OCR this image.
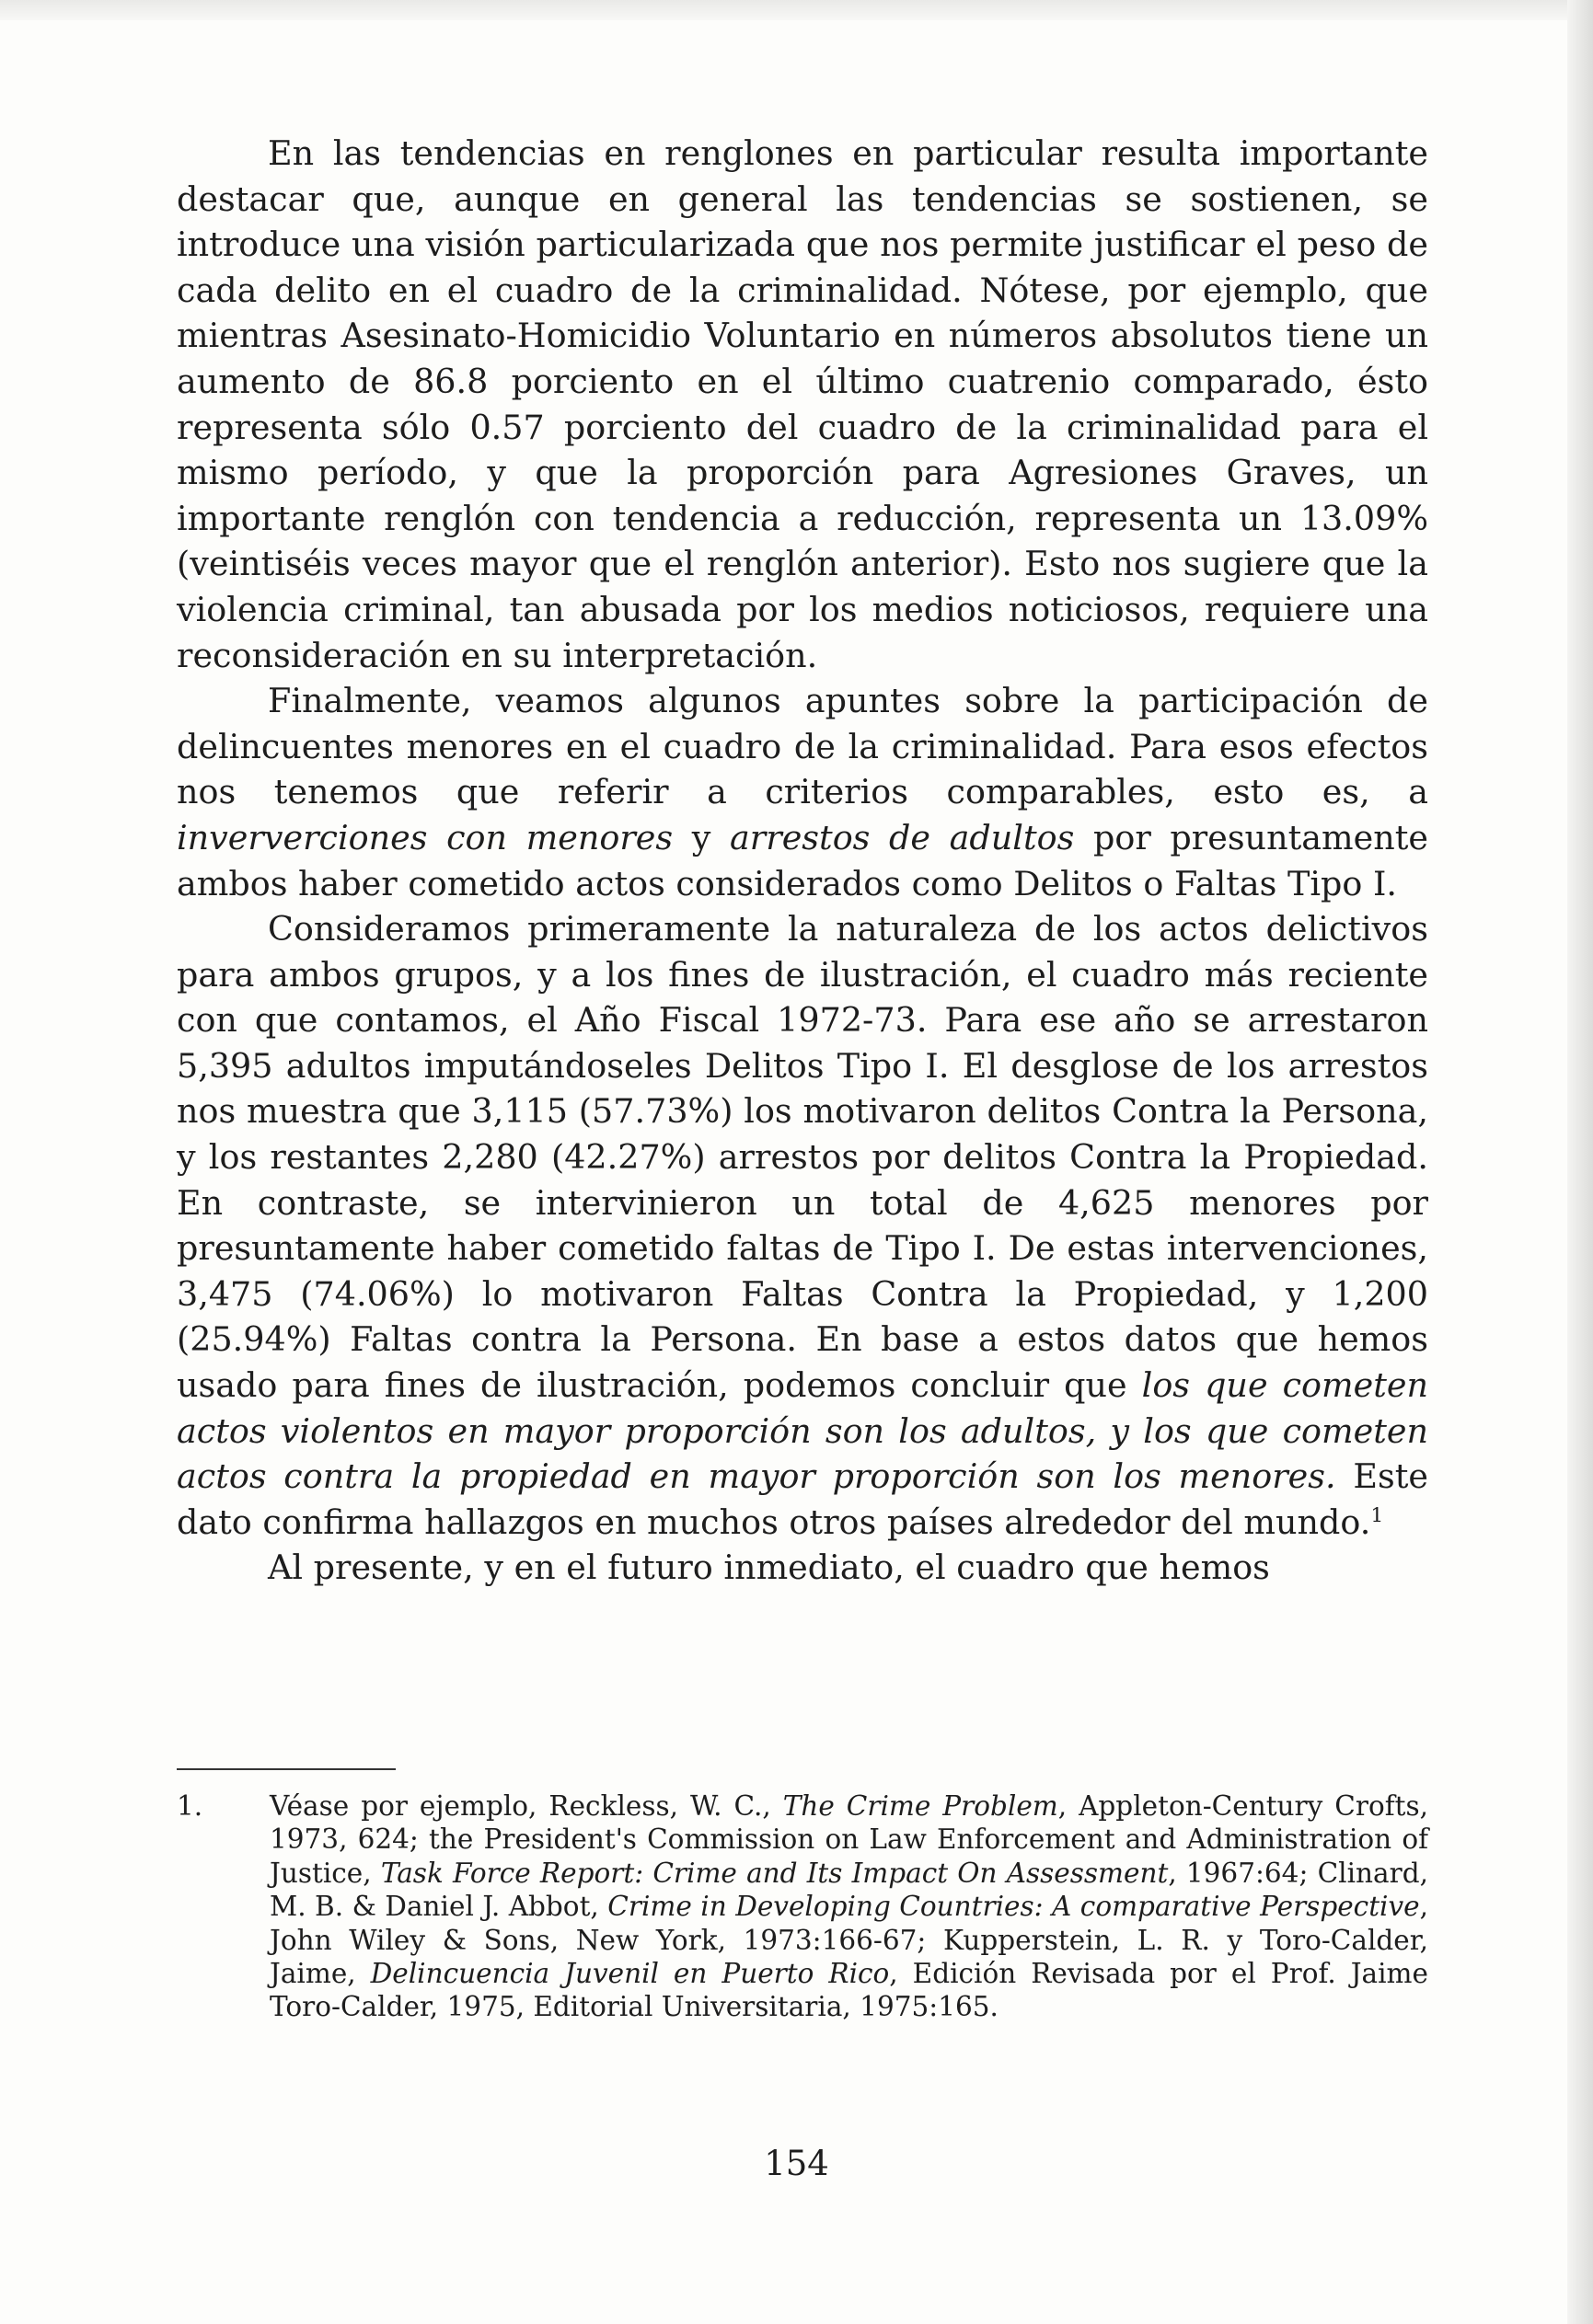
En las tendencias en renglones en particular resulta importante destacar que, aunque en general las tendencias se sostienen, se introduce una visión particularizada que nos permite justificar el peso de cada delito en el cuadro de la criminalidad. Nótese, por ejemplo, que mientras Asesinato-Homicidio Voluntario en números absolutos tiene un aumento de 86.8 porciento en el último cuatrenio comparado, ésto representa sólo 0.57 porciento del cuadro de la criminalidad para el mismo período, y que la proporción para Agresiones Graves, un importante renglón con tendencia a reducción, representa un 13.09% (veintiséis veces mayor que el renglón anterior). Esto nos sugiere que la violencia criminal, tan abusada por los medios noticiosos, requiere una reconsideración en su interpretación.

Finalmente, veamos algunos apuntes sobre la participación de delincuentes menores en el cuadro de la criminalidad. Para esos efectos nos tenemos que referir a criterios comparables, esto es, a inververciones con menores y arrestos de adultos por presuntamente ambos haber cometido actos considerados como Delitos o Faltas Tipo I.

Consideramos primeramente la naturaleza de los actos delictivos para ambos grupos, y a los fines de ilustración, el cuadro más reciente con que contamos, el Año Fiscal 1972-73. Para ese año se arrestaron 5,395 adultos imputándoseles Delitos Tipo I. El desglose de los arrestos nos muestra que 3,115 (57.73%) los motivaron delitos Contra la Persona, y los restantes 2,280 (42.27%) arrestos por delitos Contra la Propiedad. En contraste, se intervinieron un total de 4,625 menores por presuntamente haber cometido faltas de Tipo I. De estas intervenciones, 3,475 (74.06%) lo motivaron Faltas Contra la Propiedad, y 1,200 (25.94%) Faltas contra la Persona. En base a estos datos que hemos usado para fines de ilustración, podemos concluir que los que cometen actos violentos en mayor proporción son los adultos, y los que cometen actos contra la propiedad en mayor proporción son los menores. Este dato confirma hallazgos en muchos otros países alrededor del mundo.$^1$

Al presente, y en el futuro inmediato, el cuadro que hemos

1.	Véase por ejemplo, Reckless, W. C., The Crime Problem, Appleton-Century Crofts, 1973, 624; the President's Commission on Law Enforcement and Administration of Justice, Task Force Report: Crime and Its Impact On Assessment, 1967:64; Clinard, M. B. & Daniel J. Abbot, Crime in Developing Countries: A comparative Perspective, John Wiley & Sons, New York, 1973:166-67; Kupperstein, L. R. y Toro-Calder, Jaime, Delincuencia Juvenil en Puerto Rico, Edición Revisada por el Prof. Jaime Toro-Calder, 1975, Editorial Universitaria, 1975:165.
154
